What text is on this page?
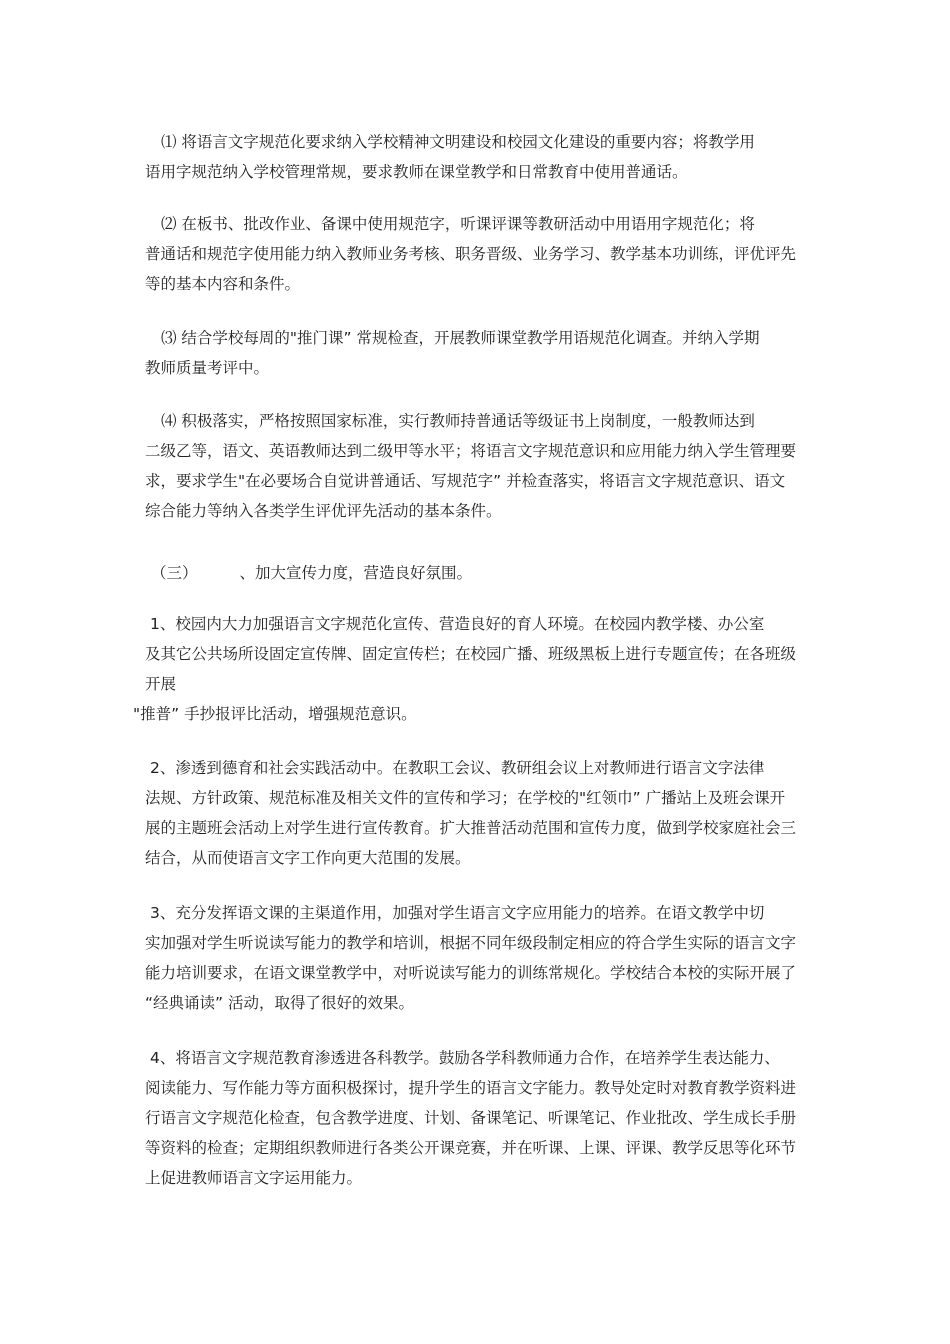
⑴ 将语言文字规范化要求纳入学校精神文明建设和校园文化建设的重要内容；将教学用
语用字规范纳入学校管理常规，要求教师在课堂教学和日常教育中使用普通话。
⑵ 在板书、批改作业、备课中使用规范字，听课评课等教研活动中用语用字规范化；将
普通话和规范字使用能力纳入教师业务考核、职务晋级、业务学习、教学基本功训练，评优评先
等的基本内容和条件。
⑶ 结合学校每周的"推门课” 常规检查，开展教师课堂教学用语规范化调查。并纳入学期
教师质量考评中。
⑷ 积极落实，严格按照国家标准，实行教师持普通话等级证书上岗制度，一般教师达到
二级乙等，语文、英语教师达到二级甲等水平；将语言文字规范意识和应用能力纳入学生管理要
求，要求学生"在必要场合自觉讲普通话、写规范字” 并检查落实，将语言文字规范意识、语文
综合能力等纳入各类学生评优评先活动的基本条件。
（三）	、加大宣传力度，营造良好氛围。
1、校园内大力加强语言文字规范化宣传、营造良好的育人环境。在校园内教学楼、办公室
及其它公共场所设固定宣传牌、固定宣传栏；在校园广播、班级黑板上进行专题宣传；在各班级
开展
"推普” 手抄报评比活动，增强规范意识。
2、渗透到德育和社会实践活动中。在教职工会议、教研组会议上对教师进行语言文字法律
法规、方针政策、规范标准及相关文件的宣传和学习；在学校的"红领巾” 广播站上及班会课开
展的主题班会活动上对学生进行宣传教育。扩大推普活动范围和宣传力度，做到学校家庭社会三
结合，从而使语言文字工作向更大范围的发展。
3、充分发挥语文课的主渠道作用，加强对学生语言文字应用能力的培养。在语文教学中切
实加强对学生听说读写能力的教学和培训，根据不同年级段制定相应的符合学生实际的语言文字
能力培训要求，在语文课堂教学中，对听说读写能力的训练常规化。学校结合本校的实际开展了
“经典诵读” 活动，取得了很好的效果。
4、将语言文字规范教育渗透进各科教学。鼓励各学科教师通力合作，在培养学生表达能力、
阅读能力、写作能力等方面积极探讨，提升学生的语言文字能力。教导处定时对教育教学资料进
行语言文字规范化检查，包含教学进度、计划、备课笔记、听课笔记、作业批改、学生成长手册
等资料的检查；定期组织教师进行各类公开课竞赛，并在听课、上课、评课、教学反思等化环节
上促进教师语言文字运用能力。
